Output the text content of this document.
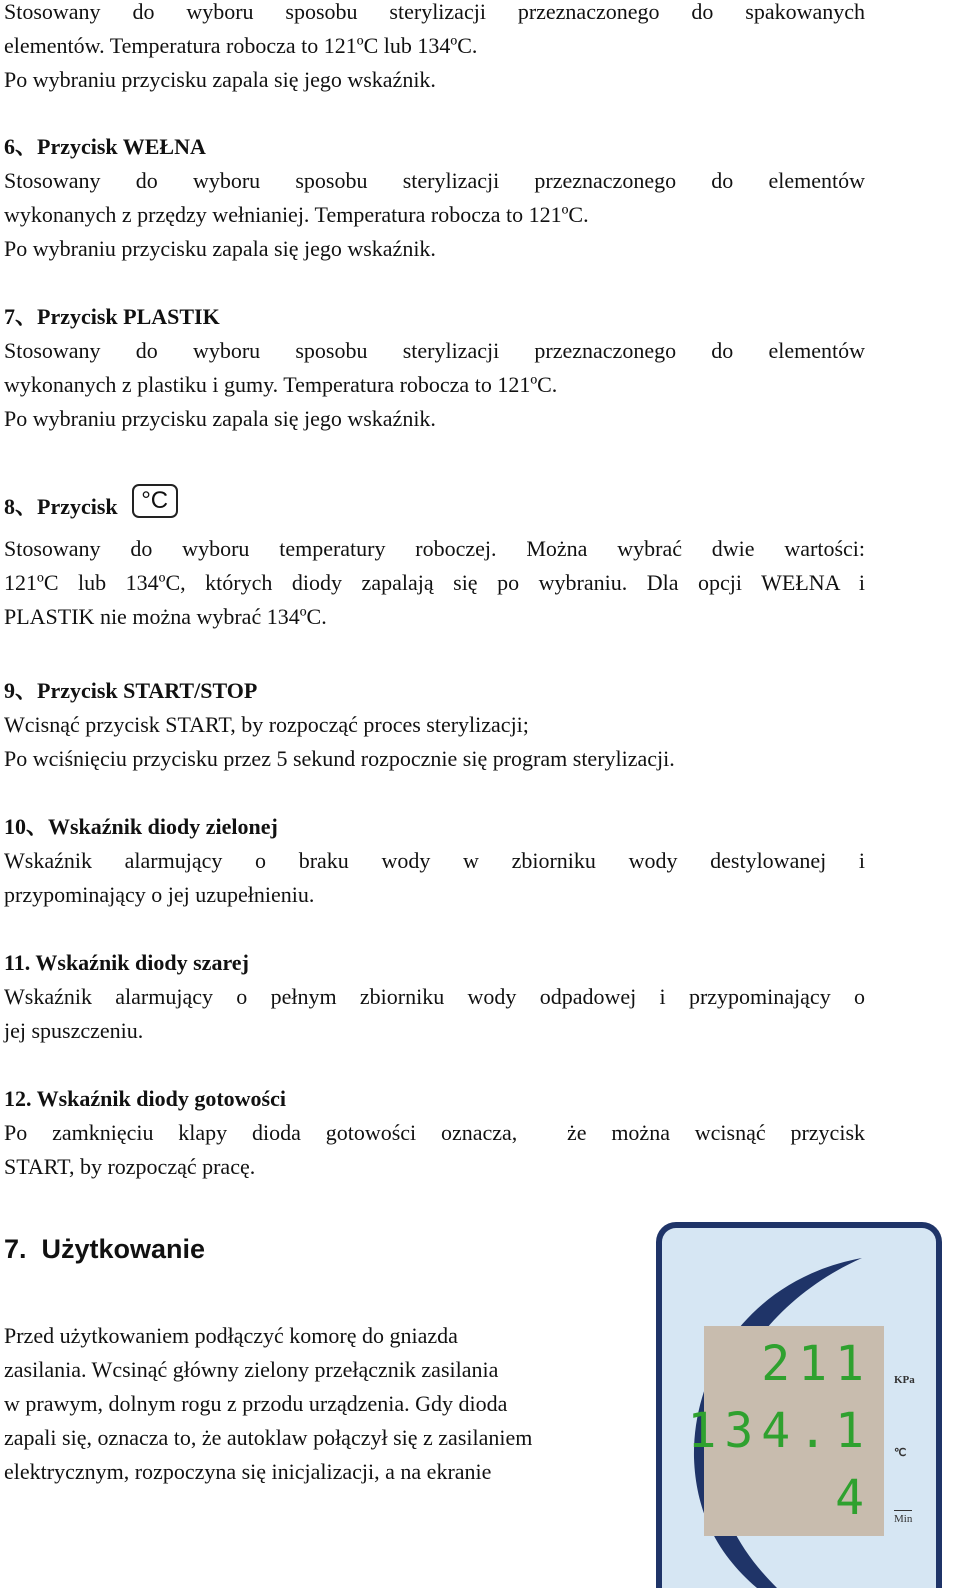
Stosowany do wyboru sposobu sterylizacji przeznaczonego do spakowanych
elementów. Temperatura robocza to 121ºC lub 134ºC.
Po wybraniu przycisku zapala się jego wskaźnik.
6、Przycisk WEŁNA
Stosowany do wyboru sposobu sterylizacji przeznaczonego do elementów
wykonanych z przędzy wełnianiej. Temperatura robocza to 121ºC.
Po wybraniu przycisku zapala się jego wskaźnik.
7、Przycisk PLASTIK
Stosowany do wyboru sposobu sterylizacji przeznaczonego do elementów
wykonanych z plastiku i gumy. Temperatura robocza to 121ºC.
Po wybraniu przycisku zapala się jego wskaźnik.
8、Przycisk °C
Stosowany do wyboru temperatury roboczej. Można wybrać dwie wartości:
121ºC lub 134ºC, których diody zapalają się po wybraniu. Dla opcji WEŁNA i
PLASTIK nie można wybrać 134ºC.
9、Przycisk START/STOP
Wcisnąć przycisk START, by rozpocząć proces sterylizacji;
Po wciśnięciu przycisku przez 5 sekund rozpocznie się program sterylizacji.
10、Wskaźnik diody zielonej
Wskaźnik alarmujący o braku wody w zbiorniku wody destylowanej i
przypominający o jej uzupełnieniu.
11. Wskaźnik diody szarej
Wskaźnik alarmujący o pełnym zbiorniku wody odpadowej i przypominający o
jej spuszczeniu.
12. Wskaźnik diody gotowości
Po zamknięciu klapy dioda gotowości oznacza,  że można wcisnąć przycisk
START, by rozpocząć pracę.
7.  Użytkowanie
Przed użytkowaniem podłączyć komorę do gniazda
zasilania. Wcsinąć główny zielony przełącznik zasilania
w prawym, dolnym rogu z przodu urządzenia. Gdy dioda
zapali się, oznacza to, że autoklaw połączył się z zasilaniem
elektrycznym, rozpoczyna się inicjalizacji, a na ekranie
211
134.1
4
KPa
℃
Min
